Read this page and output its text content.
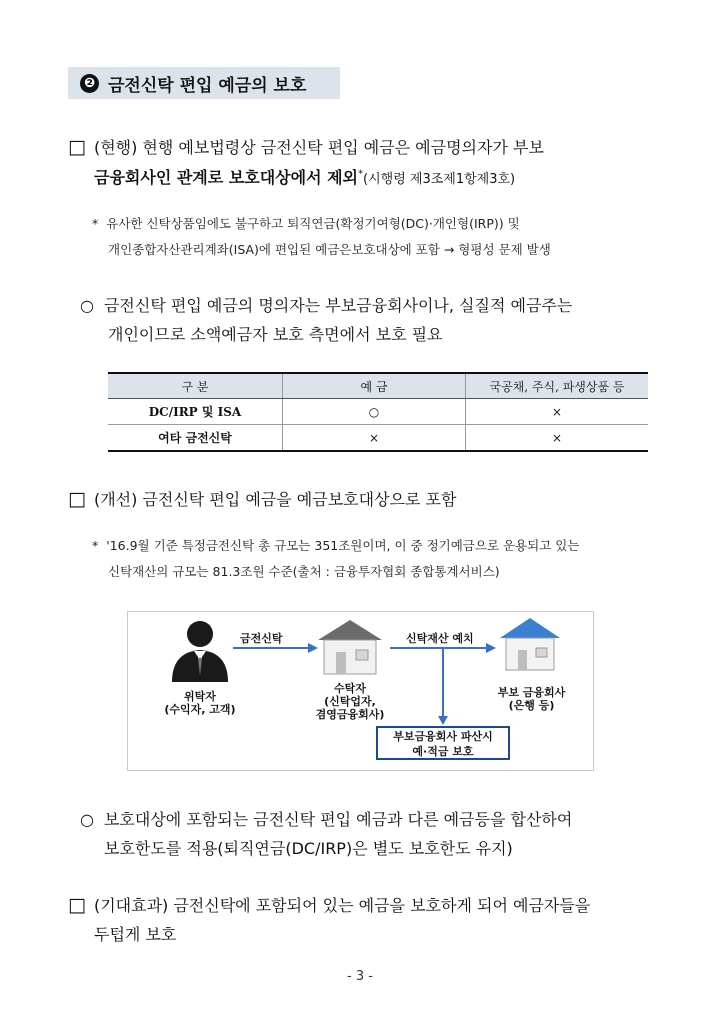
❷ 금전신탁 편입 예금의 보호
□ (현행) 현행 예보법령상 금전신탁 편입 예금은 예금명의자가 부보
금융회사인 관계로 보호대상에서 제외*(시행령 제3조제1항제3호)
* 유사한 신탁상품임에도 불구하고 퇴직연금(확정기여형(DC)·개인형(IRP)) 및
개인종합자산관리계좌(ISA)에 편입된 예금은보호대상에 포함 → 형평성 문제 발생
○ 금전신탁 편입 예금의 명의자는 부보금융회사이나, 실질적 예금주는
개인이므로 소액예금자 보호 측면에서 보호 필요
구 분	예 금	국공채, 주식, 파생상품 등
DC/IRP 및 ISA	○	×
여타 금전신탁	×	×
□ (개선) 금전신탁 편입 예금을 예금보호대상으로 포함
* '16.9월 기준 특정금전신탁 총 규모는 351조원이며, 이 중 정기예금으로 운용되고 있는
신탁재산의 규모는 81.3조원 수준(출처 : 금융투자협회 종합통계서비스)
금전신탁	신탁재산 예치
위탁자
(수익자, 고객)
수탁자
(신탁업자,
겸영금융회사)
부보 금융회사
(은행 등)
부보금융회사 파산시
예·적금 보호
○ 보호대상에 포함되는 금전신탁 편입 예금과 다른 예금등을 합산하여
보호한도를 적용(퇴직연금(DC/IRP)은 별도 보호한도 유지)
□ (기대효과) 금전신탁에 포함되어 있는 예금을 보호하게 되어 예금자들을
두텁게 보호
- 3 -
